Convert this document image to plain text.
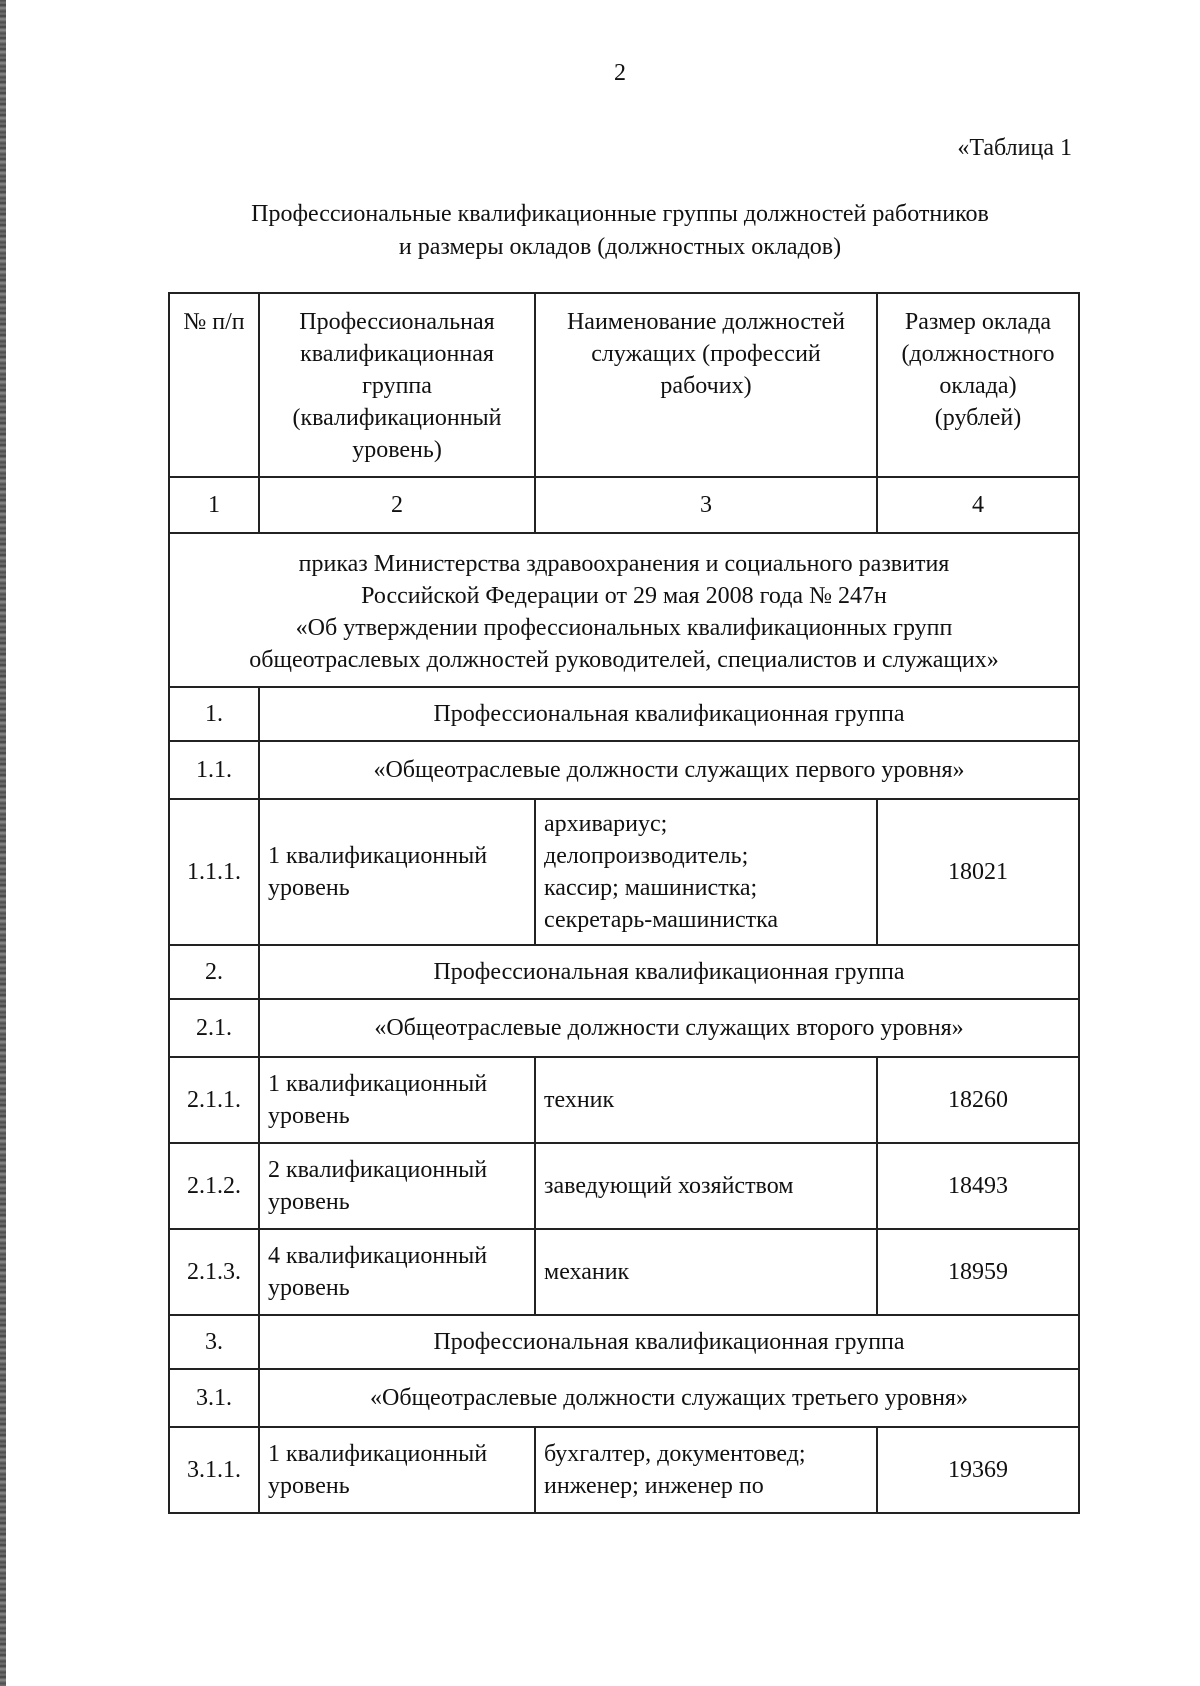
2
«Таблица 1
Профессиональные квалификационные группы должностей работников
и размеры окладов (должностных окладов)
№ п/п	Профессиональная
квалификационная
группа
(квалификационный
уровень)	Наименование должностей
служащих (профессий
рабочих)	Размер оклада
(должностного
оклада)
(рублей)

1	2	3	4

приказ Министерства здравоохранения и социального развития
Российской Федерации от 29 мая 2008 года № 247н
«Об утверждении профессиональных квалификационных групп
общеотраслевых должностей руководителей, специалистов и служащих»			

1.	Профессиональная квалификационная группа		
1.1.	«Общеотраслевые должности служащих первого уровня»		
1.1.1.	1 квалификационный
уровень	архивариус;
делопроизводитель;
кассир; машинистка;
секретарь-машинистка	18021
2.	Профессиональная квалификационная группа		
2.1.	«Общеотраслевые должности служащих второго уровня»		
2.1.1.	1 квалификационный
уровень	техник	18260
2.1.2.	2 квалификационный
уровень	заведующий хозяйством	18493
2.1.3.	4 квалификационный
уровень	механик	18959
3.	Профессиональная квалификационная группа		
3.1.	«Общеотраслевые должности служащих третьего уровня»		
3.1.1.	1 квалификационный
уровень	бухгалтер, документовед;
инженер; инженер по	19369
